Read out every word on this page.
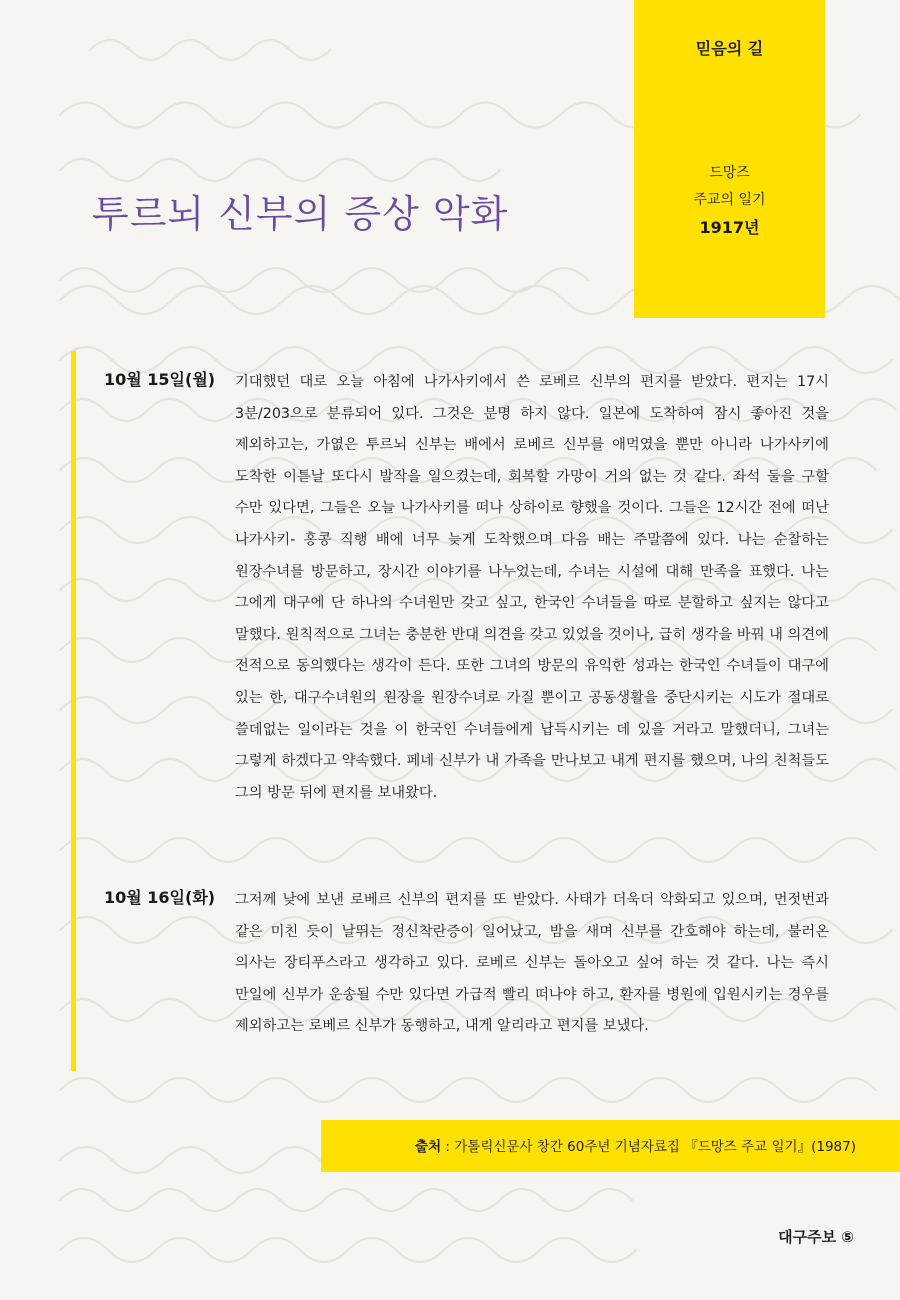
믿음의 길
드망즈
주교의 일기
1917년
투르뇌 신부의 증상 악화
10월 15일(월) 기대했던 대로 오늘 아침에 나가사키에서 쓴 로베르 신부의 편지를 받았다. 편지는 17시 3분/203으로 분류되어 있다. 그것은 분명 하지 않다. 일본에 도착하여 잠시 좋아진 것을 제외하고는, 가엾은 투르뇌 신부는 배에서 로베르 신부를 애먹였을 뿐만 아니라 나가사키에 도착한 이튿날 또다시 발작을 일으켰는데, 회복할 가망이 거의 없는 것 같다. 좌석 둘을 구할 수만 있다면, 그들은 오늘 나가사키를 떠나 상하이로 향했을 것이다. 그들은 12시간 전에 떠난 나가사키- 홍콩 직행 배에 너무 늦게 도착했으며 다음 배는 주말쯤에 있다. 나는 순찰하는 원장수녀를 방문하고, 장시간 이야기를 나누었는데, 수녀는 시설에 대해 만족을 표했다. 나는 그에게 대구에 단 하나의 수녀원만 갖고 싶고, 한국인 수녀들을 따로 분할하고 싶지는 않다고 말했다. 원칙적으로 그녀는 충분한 반대 의견을 갖고 있었을 것이나, 급히 생각을 바꿔 내 의견에 전적으로 동의했다는 생각이 든다. 또한 그녀의 방문의 유익한 성과는 한국인 수녀들이 대구에 있는 한, 대구수녀원의 원장을 원장수녀로 가질 뿐이고 공동생활을 중단시키는 시도가 절대로 쓸데없는 일이라는 것을 이 한국인 수녀들에게 납득시키는 데 있을 거라고 말했더니, 그녀는 그렇게 하겠다고 약속했다. 페네 신부가 내 가족을 만나보고 내게 편지를 했으며, 나의 친척들도 그의 방문 뒤에 편지를 보내왔다.
10월 16일(화) 그저께 낮에 보낸 로베르 신부의 편지를 또 받았다. 사태가 더욱더 악화되고 있으며, 먼젓번과 같은 미친 듯이 날뛰는 정신착란증이 일어났고, 밤을 새며 신부를 간호해야 하는데, 불러온 의사는 장티푸스라고 생각하고 있다. 로베르 신부는 돌아오고 싶어 하는 것 같다. 나는 즉시 만일에 신부가 운송될 수만 있다면 가급적 빨리 떠나야 하고, 환자를 병원에 입원시키는 경우를 제외하고는 로베르 신부가 동행하고, 내게 알리라고 편지를 보냈다.
출처 : 가톨릭신문사 창간 60주년 기념자료집 『드망즈 주교 일기』(1987)
대구주보 ⑤
